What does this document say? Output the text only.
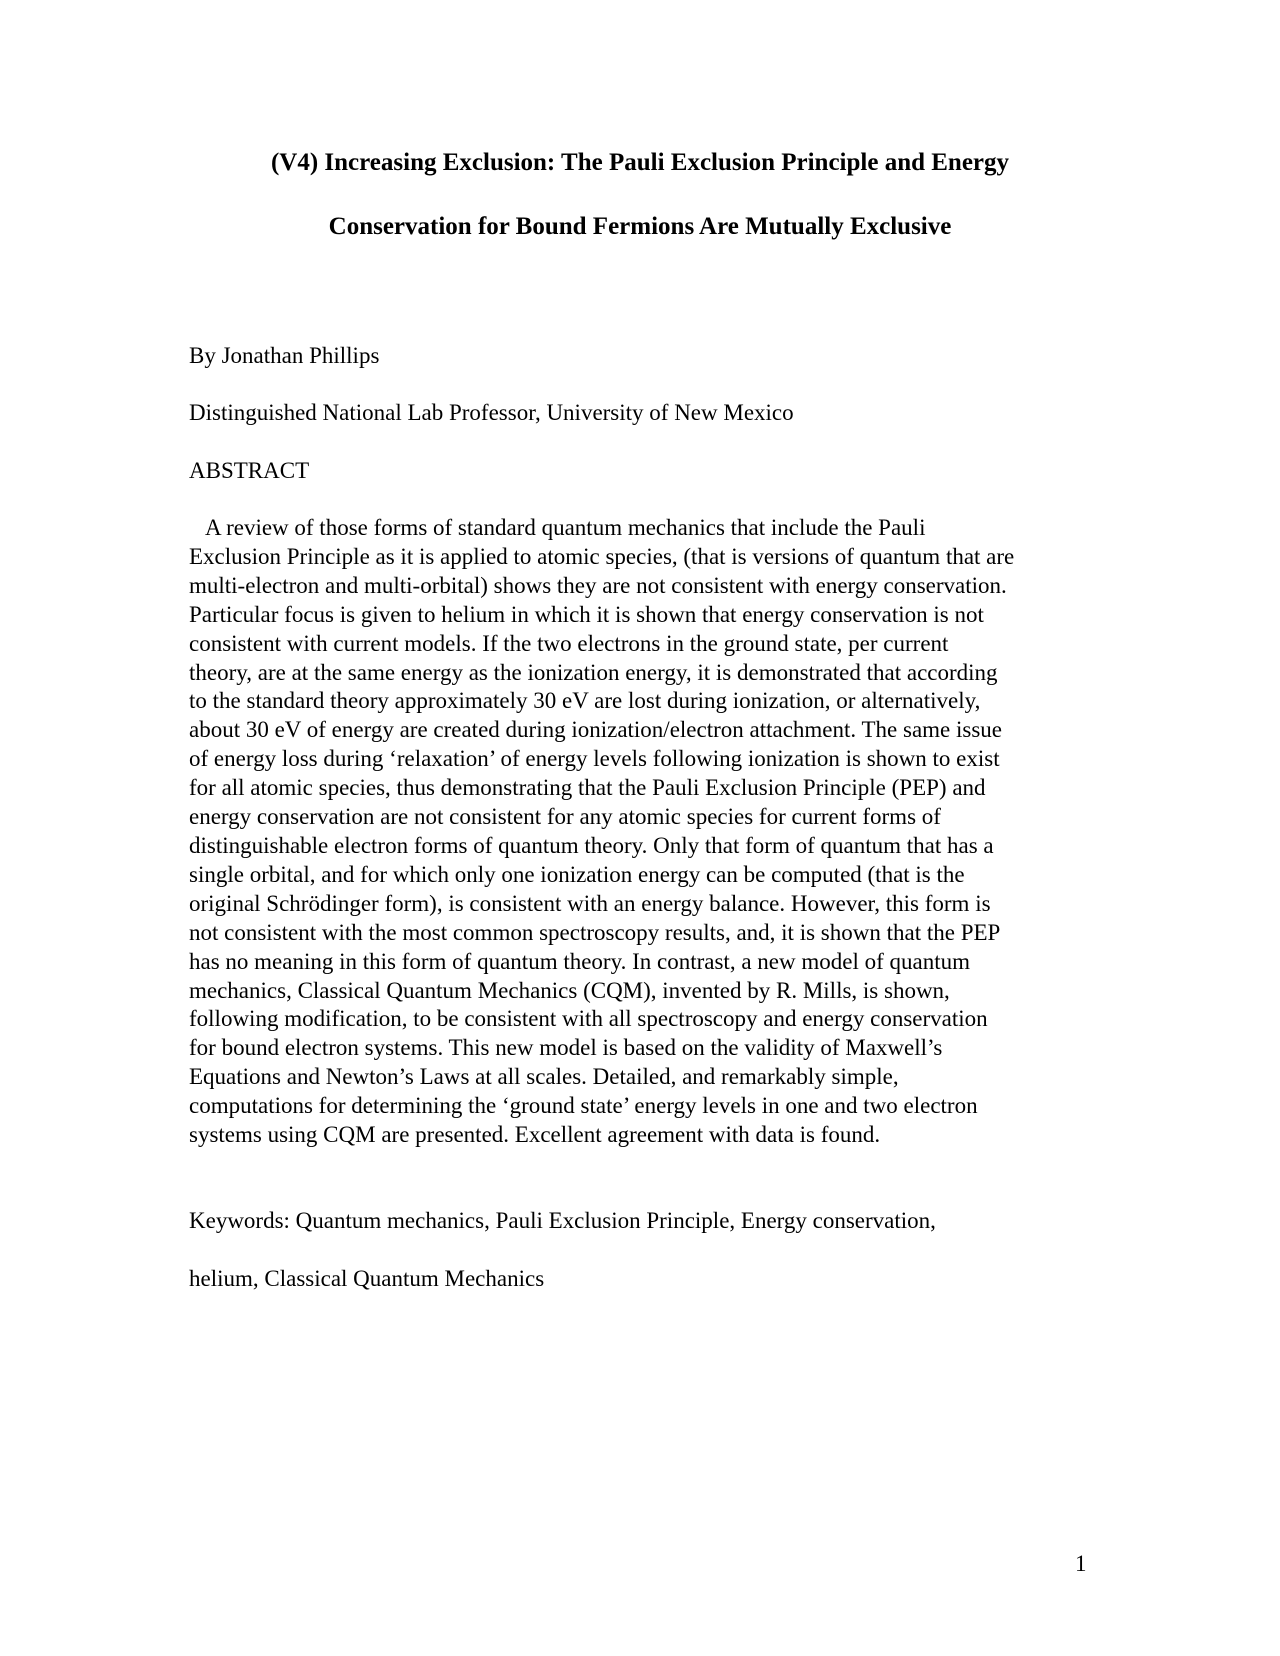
(V4) Increasing Exclusion: The Pauli Exclusion Principle and Energy
Conservation for Bound Fermions Are Mutually Exclusive
By Jonathan Phillips
Distinguished National Lab Professor, University of New Mexico
ABSTRACT
A review of those forms of standard quantum mechanics that include the Pauli
Exclusion Principle as it is applied to atomic species, (that is versions of quantum that are
multi-electron and multi-orbital) shows they are not consistent with energy conservation.
Particular focus is given to helium in which it is shown that energy conservation is not
consistent with current models. If the two electrons in the ground state, per current
theory, are at the same energy as the ionization energy, it is demonstrated that according
to the standard theory approximately 30 eV are lost during ionization, or alternatively,
about 30 eV of energy are created during ionization/electron attachment. The same issue
of energy loss during ‘relaxation’ of energy levels following ionization is shown to exist
for all atomic species, thus demonstrating that the Pauli Exclusion Principle (PEP) and
energy conservation are not consistent for any atomic species for current forms of
distinguishable electron forms of quantum theory. Only that form of quantum that has a
single orbital, and for which only one ionization energy can be computed (that is the
original Schrödinger form), is consistent with an energy balance. However, this form is
not consistent with the most common spectroscopy results, and, it is shown that the PEP
has no meaning in this form of quantum theory. In contrast, a new model of quantum
mechanics, Classical Quantum Mechanics (CQM), invented by R. Mills, is shown,
following modification, to be consistent with all spectroscopy and energy conservation
for bound electron systems. This new model is based on the validity of Maxwell’s
Equations and Newton’s Laws at all scales. Detailed, and remarkably simple,
computations for determining the ‘ground state’ energy levels in one and two electron
systems using CQM are presented. Excellent agreement with data is found.
Keywords: Quantum mechanics, Pauli Exclusion Principle, Energy conservation,
helium, Classical Quantum Mechanics
1
